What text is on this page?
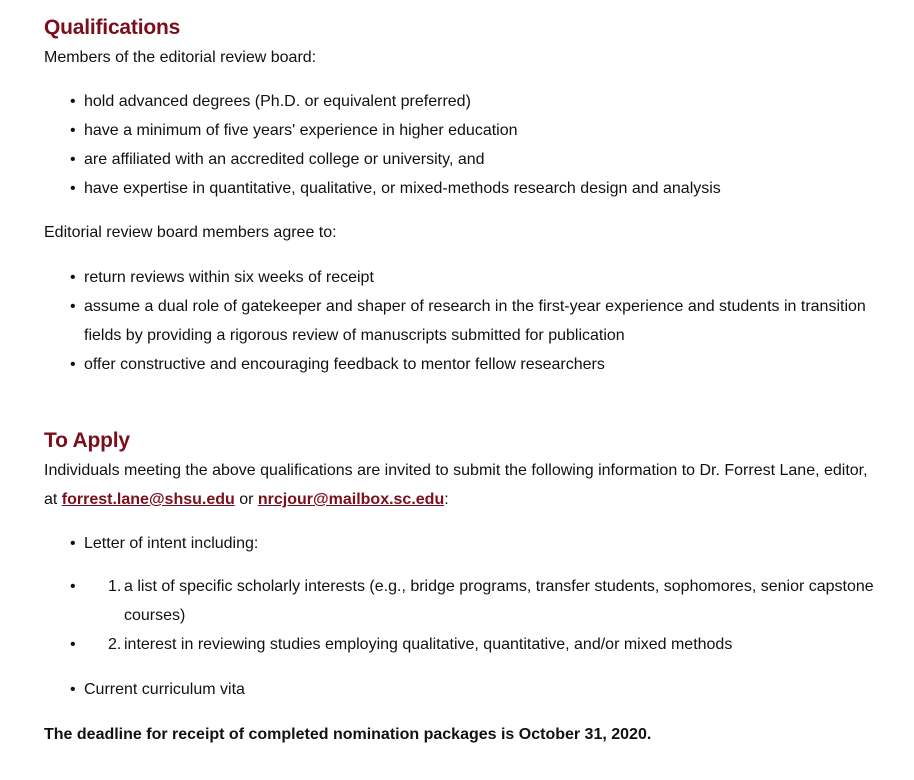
Qualifications

Members of the editorial review board:

• hold advanced degrees (Ph.D. or equivalent preferred)
• have a minimum of five years' experience in higher education
• are affiliated with an accredited college or university, and
• have expertise in quantitative, qualitative, or mixed-methods research design and analysis

Editorial review board members agree to:

• return reviews within six weeks of receipt
• assume a dual role of gatekeeper and shaper of research in the first-year experience and students in transition fields by providing a rigorous review of manuscripts submitted for publication
• offer constructive and encouraging feedback to mentor fellow researchers
To Apply

Individuals meeting the above qualifications are invited to submit the following information to Dr. Forrest Lane, editor, at forrest.lane@shsu.edu or nrcjour@mailbox.sc.edu:

• Letter of intent including:
• 1. a list of specific scholarly interests (e.g., bridge programs, transfer students, sophomores, senior capstone courses)
• 2. interest in reviewing studies employing qualitative, quantitative, and/or mixed methods
• Current curriculum vita

The deadline for receipt of completed nomination packages is October 31, 2020.
